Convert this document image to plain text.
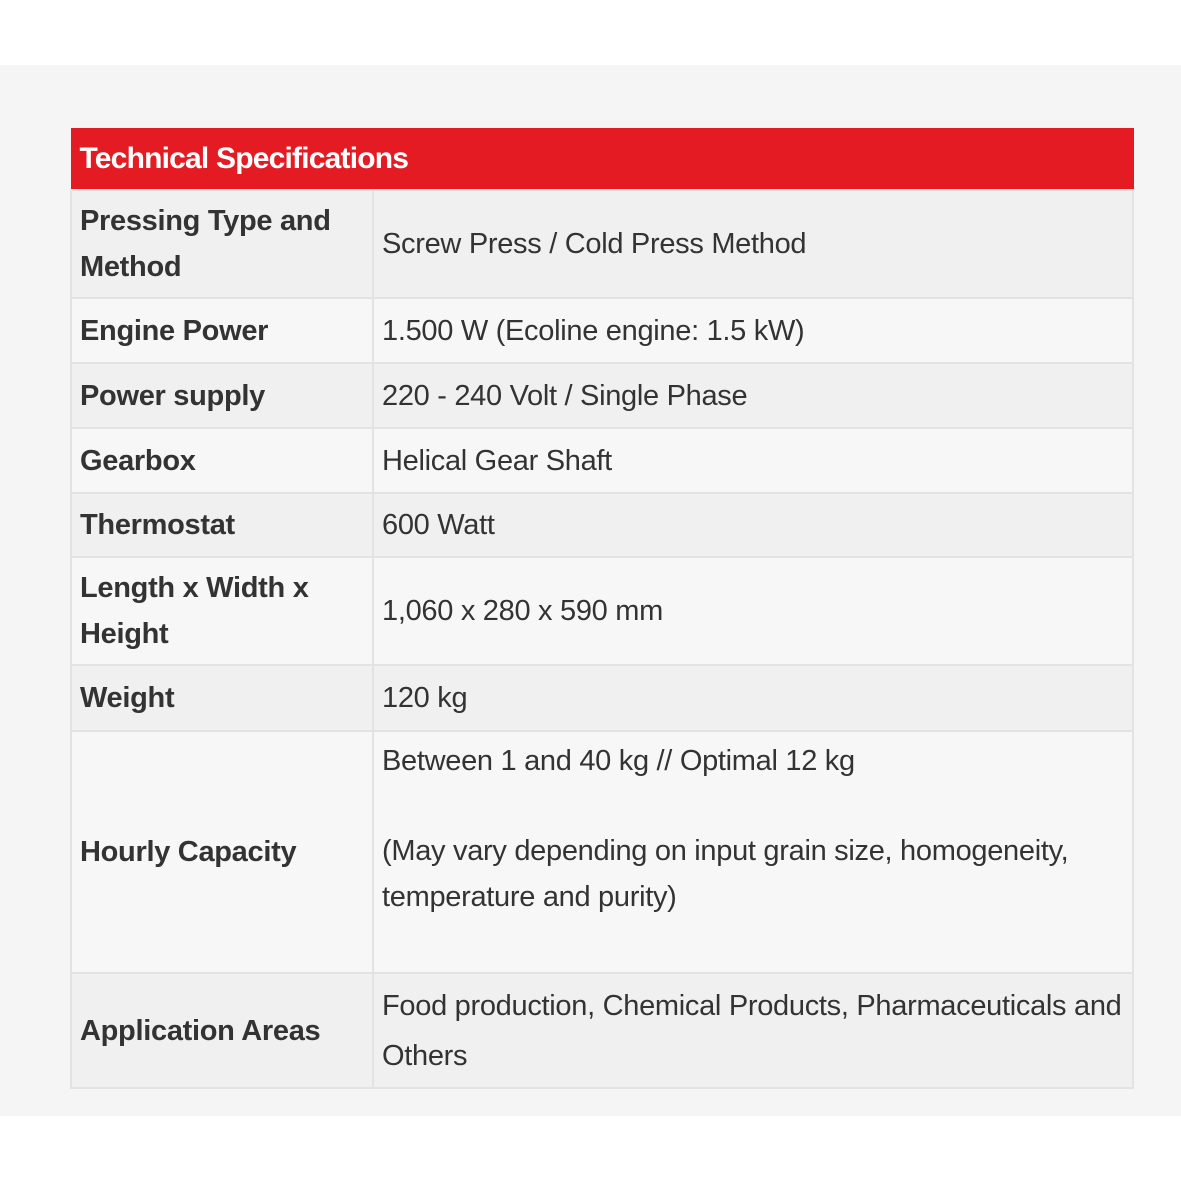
Technical Specifications	
Pressing Type and Method	Screw Press / Cold Press Method
Engine Power	1.500 W (Ecoline engine: 1.5 kW)
Power supply	220 - 240 Volt / Single Phase
Gearbox	Helical Gear Shaft
Thermostat	600 Watt
Length x Width x Height	1,060 x 280 x 590 mm
Weight	120 kg
Hourly Capacity	Between 1 and 40 kg // Optimal 12 kg
(May vary depending on input grain size, homogeneity, temperature and purity)

Application Areas	Food production, Chemical Products, Pharmaceuticals and Others
